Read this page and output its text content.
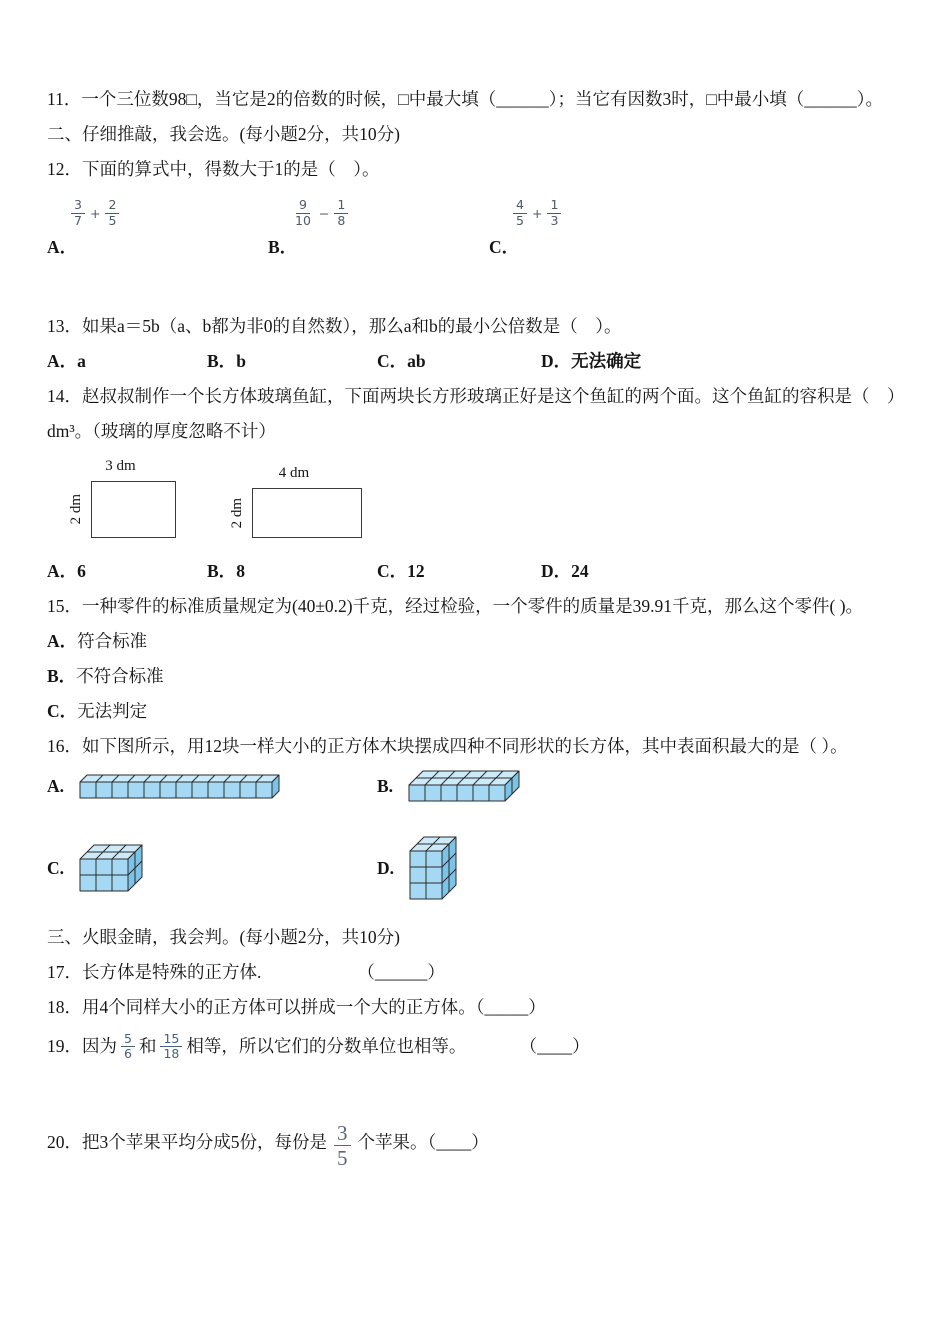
11．一个三位数98□，当它是2的倍数的时候，□中最大填（______）；当它有因数3时，□中最小填（______）。
二、仔细推敲，我会选。(每小题2分，共10分)
12．下面的算式中，得数大于1的是（　）。
$\frac{3}{7} + \frac{2}{5}$
A．
$\frac{9}{10} - \frac{1}{8}$
B．
$\frac{4}{5} + \frac{1}{3}$
C．
13．如果a＝5b（a、b都为非0的自然数），那么a和b的最小公倍数是（　）。
A．a	B．b	C．ab	D．无法确定
14．赵叔叔制作一个长方体玻璃鱼缸，下面两块长方形玻璃正好是这个鱼缸的两个面。这个鱼缸的容积是（　）
dm³。（玻璃的厚度忽略不计）
3 dm
2 dm
4 dm
2 dm
A．6	B．8	C．12	D．24
15．一种零件的标准质量规定为(40±0.2)千克，经过检验，一个零件的质量是39.91千克，那么这个零件( )。
A．符合标准
B．不符合标准
C．无法判定
16．如下图所示，用12块一样大小的正方体木块摆成四种不同形状的长方体，其中表面积最大的是（ ）。
A.	B.
C.	D.
三、火眼金睛，我会判。(每小题2分，共10分)
17．长方体是特殊的正方体.	（______）
18．用4个同样大小的正方体可以拼成一个大的正方体。（_____）
19．因为 $\frac{5}{6}$ 和 $\frac{15}{18}$ 相等，所以它们的分数单位也相等。	（____）
20．把3个苹果平均分成5份，每份是 $\frac{3}{5}$ 个苹果。（____）
